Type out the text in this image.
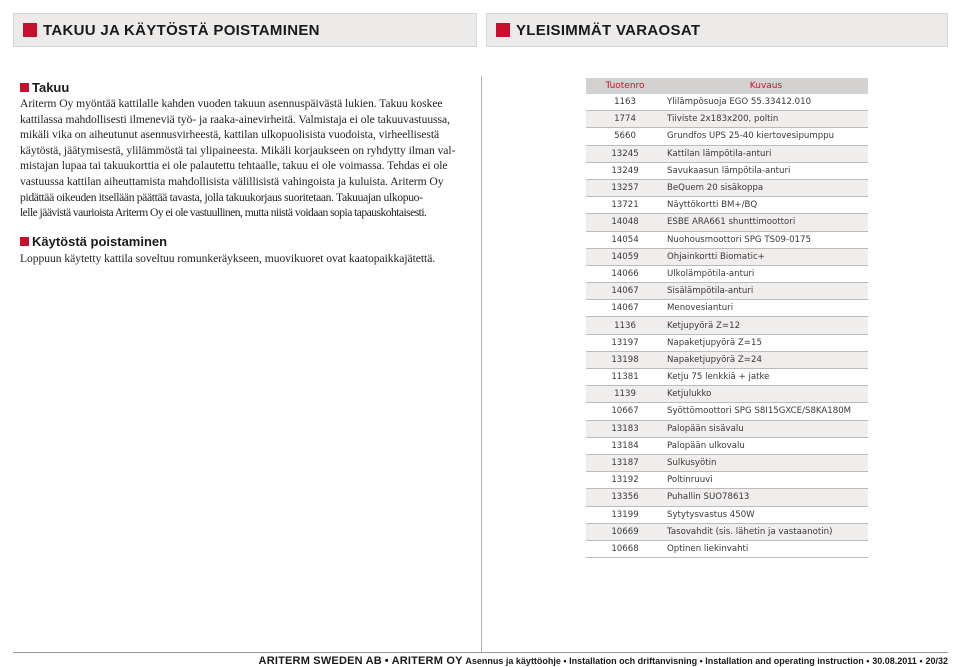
TAKUU JA KÄYTÖSTÄ POISTAMINEN	YLEISIMMÄT VARAOSAT
Takuu

Ariterm Oy myöntää kattilalle kahden vuoden takuun asennuspäivästä lukien. Takuu koskee
kattilassa mahdollisesti ilmeneviä työ- ja raaka-ainevirheitä. Valmistaja ei ole takuuvastuussa,
mikäli vika on aiheutunut asennusvirheestä, kattilan ulkopuolisista vuodoista, virheellisestä
käytöstä, jäätymisestä, ylilämmöstä tai ylipaineesta. Mikäli korjaukseen on ryhdytty ilman val-
mistajan lupaa tai takuukorttia ei ole palautettu tehtaalle, takuu ei ole voimassa. Tehdas ei ole
vastuussa kattilan aiheuttamista mahdollisista välillisistä vahingoista ja kuluista. Ariterm Oy
pidättää oikeuden itsellään päättää tavasta, jolla takuukorjaus suoritetaan. Takuuajan ulkopuo-
lelle jäävistä vaurioista Ariterm Oy ei ole vastuullinen, mutta niistä voidaan sopia tapauskohtaisesti.

Käytöstä poistaminen

Loppuun käytetty kattila soveltuu romunkeräykseen, muovikuoret ovat kaatopaikkajätettä.

Tuotenro	Kuvaus
1163	Ylilämpösuoja EGO 55.33412.010
1774	Tiiviste 2x183x200, poltin
5660	Grundfos UPS 25-40 kiertovesipumppu
13245	Kattilan lämpötila-anturi
13249	Savukaasun lämpötila-anturi
13257	BeQuem 20 sisäkoppa
13721	Näyttökortti BM+/BQ
14048	ESBE ARA661 shunttimoottori
14054	Nuohousmoottori SPG TS09-0175
14059	Ohjainkortti Biomatic+
14066	Ulkolämpötila-anturi
14067	Sisälämpötila-anturi
14067	Menovesianturi
1136	Ketjupyörä Z=12
13197	Napaketjupyörä Z=15
13198	Napaketjupyörä Z=24
11381	Ketju 75 lenkkiä + jatke
1139	Ketjulukko
10667	Syöttömoottori SPG S8I15GXCE/S8KA180M
13183	Palopään sisävalu
13184	Palopään ulkovalu
13187	Sulkusyötin
13192	Poltinruuvi
13356	Puhallin SUO78613
13199	Sytytysvastus 450W
10669	Tasovahdit (sis. lähetin ja vastaanotin)
10668	Optinen liekinvahti
ARITERM SWEDEN AB • ARITERM OY Asennus ja käyttöohje • Installation och driftanvisning • Installation and operating instruction • 30.08.2011 • 20/32
